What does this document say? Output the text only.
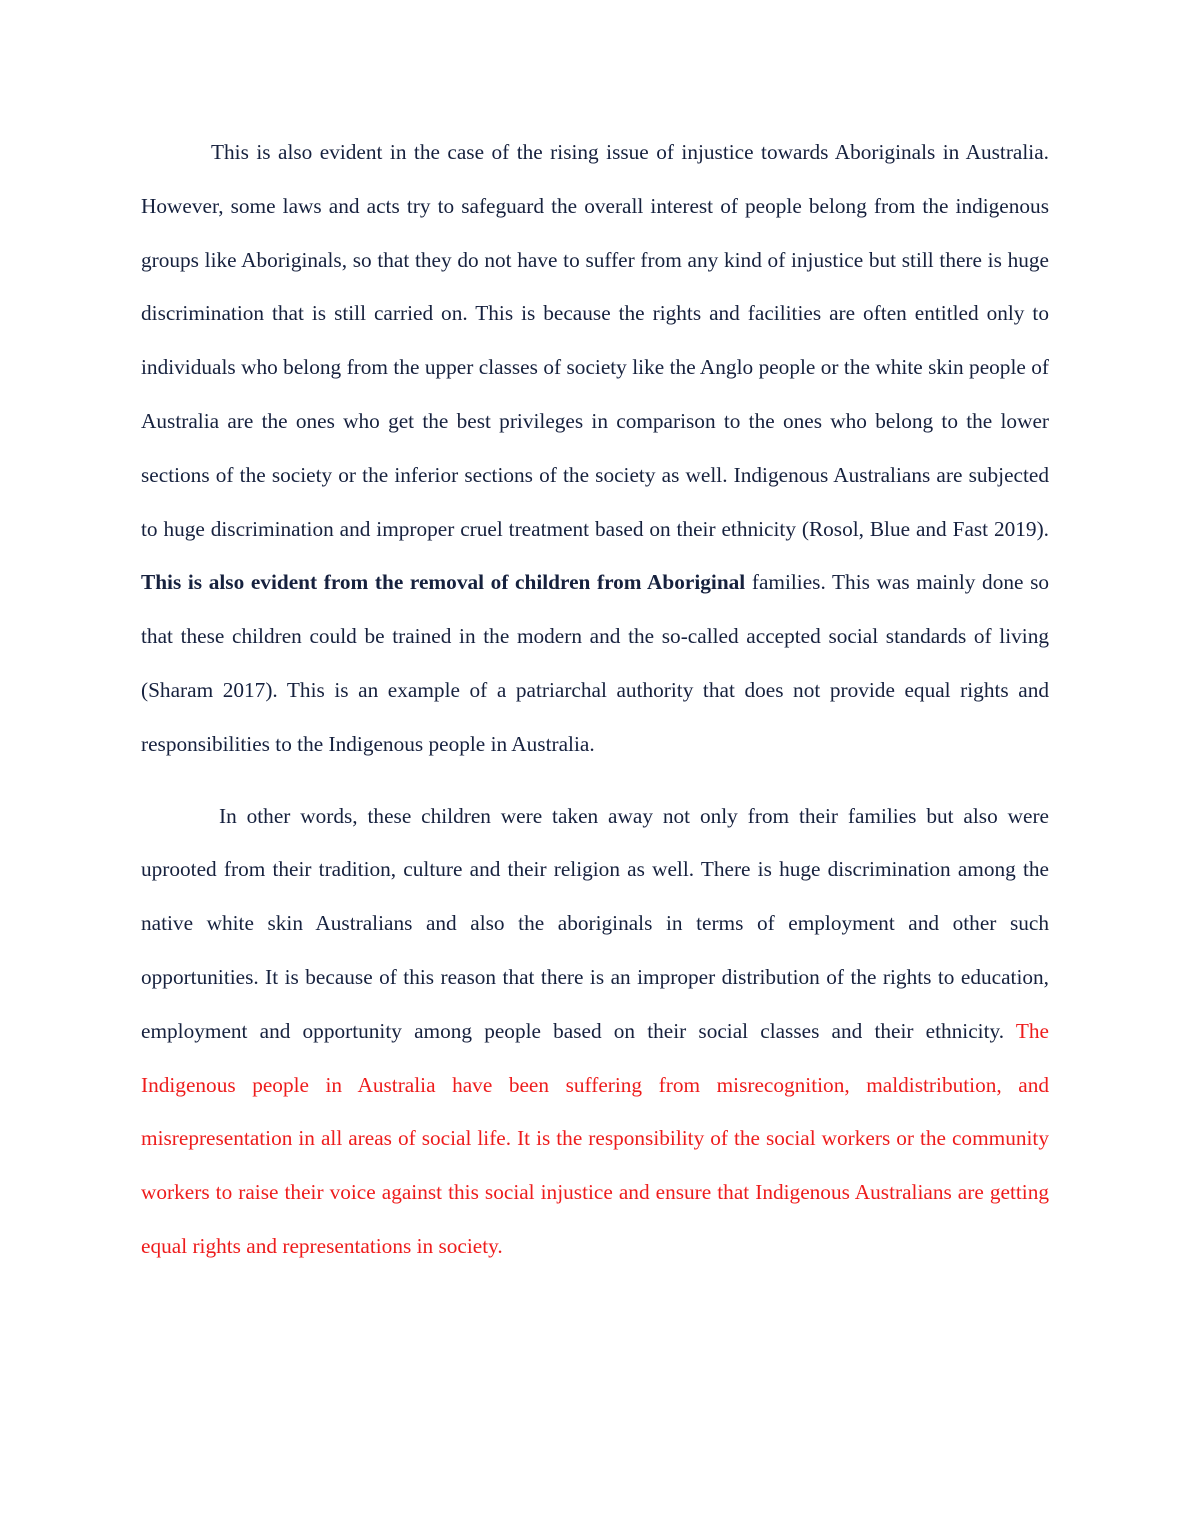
This is also evident in the case of the rising issue of injustice towards Aboriginals in Australia. However, some laws and acts try to safeguard the overall interest of people belong from the indigenous groups like Aboriginals, so that they do not have to suffer from any kind of injustice but still there is huge discrimination that is still carried on. This is because the rights and facilities are often entitled only to individuals who belong from the upper classes of society like the Anglo people or the white skin people of Australia are the ones who get the best privileges in comparison to the ones who belong to the lower sections of the society or the inferior sections of the society as well. Indigenous Australians are subjected to huge discrimination and improper cruel treatment based on their ethnicity (Rosol, Blue and Fast 2019). This is also evident from the removal of children from Aboriginal families. This was mainly done so that these children could be trained in the modern and the so-called accepted social standards of living (Sharam 2017). This is an example of a patriarchal authority that does not provide equal rights and responsibilities to the Indigenous people in Australia.

In other words, these children were taken away not only from their families but also were uprooted from their tradition, culture and their religion as well. There is huge discrimination among the native white skin Australians and also the aboriginals in terms of employment and other such opportunities. It is because of this reason that there is an improper distribution of the rights to education, employment and opportunity among people based on their social classes and their ethnicity. The Indigenous people in Australia have been suffering from misrecognition, maldistribution, and misrepresentation in all areas of social life. It is the responsibility of the social workers or the community workers to raise their voice against this social injustice and ensure that Indigenous Australians are getting equal rights and representations in society.
